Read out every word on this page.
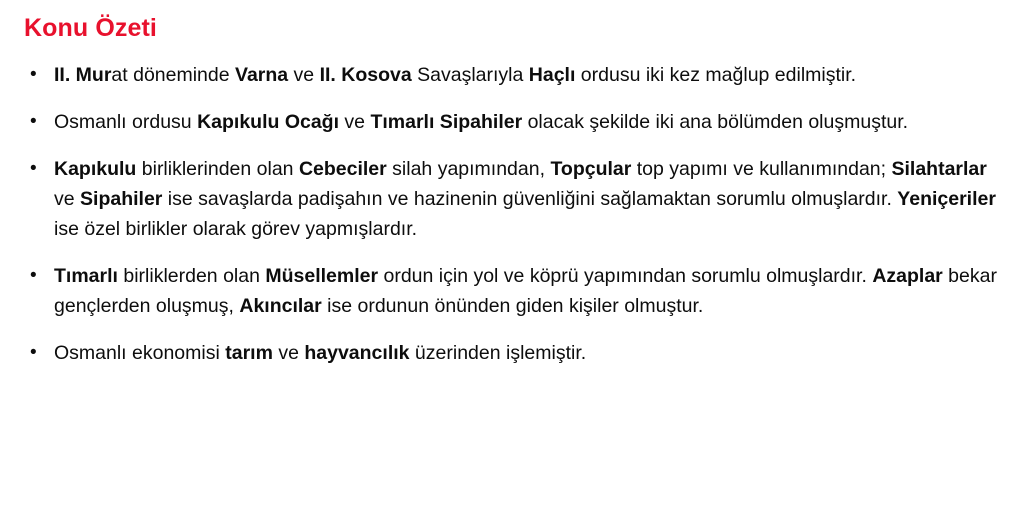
Konu Özeti
• II. Murat döneminde Varna ve II. Kosova Savaşlarıyla Haçlı ordusu iki kez mağlup edilmiştir.
• Osmanlı ordusu Kapıkulu Ocağı ve Tımarlı Sipahiler olacak şekilde iki ana bölümden oluşmuştur.
• Kapıkulu birliklerinden olan Cebeciler silah yapımından, Topçular top yapımı ve kullanımından; Silahtarlar ve Sipahiler ise savaşlarda padişahın ve hazinenin güvenliğini sağlamaktan sorumlu olmuşlardır. Yeniçeriler ise özel birlikler olarak görev yapmışlardır.
• Tımarlı birliklerden olan Müsellemler ordun için yol ve köprü yapımından sorumlu olmuşlardır. Azaplar bekar gençlerden oluşmuş, Akıncılar ise ordunun önünden giden kişiler olmuştur.
• Osmanlı ekonomisi tarım ve hayvancılık üzerinden işlemiştir.
